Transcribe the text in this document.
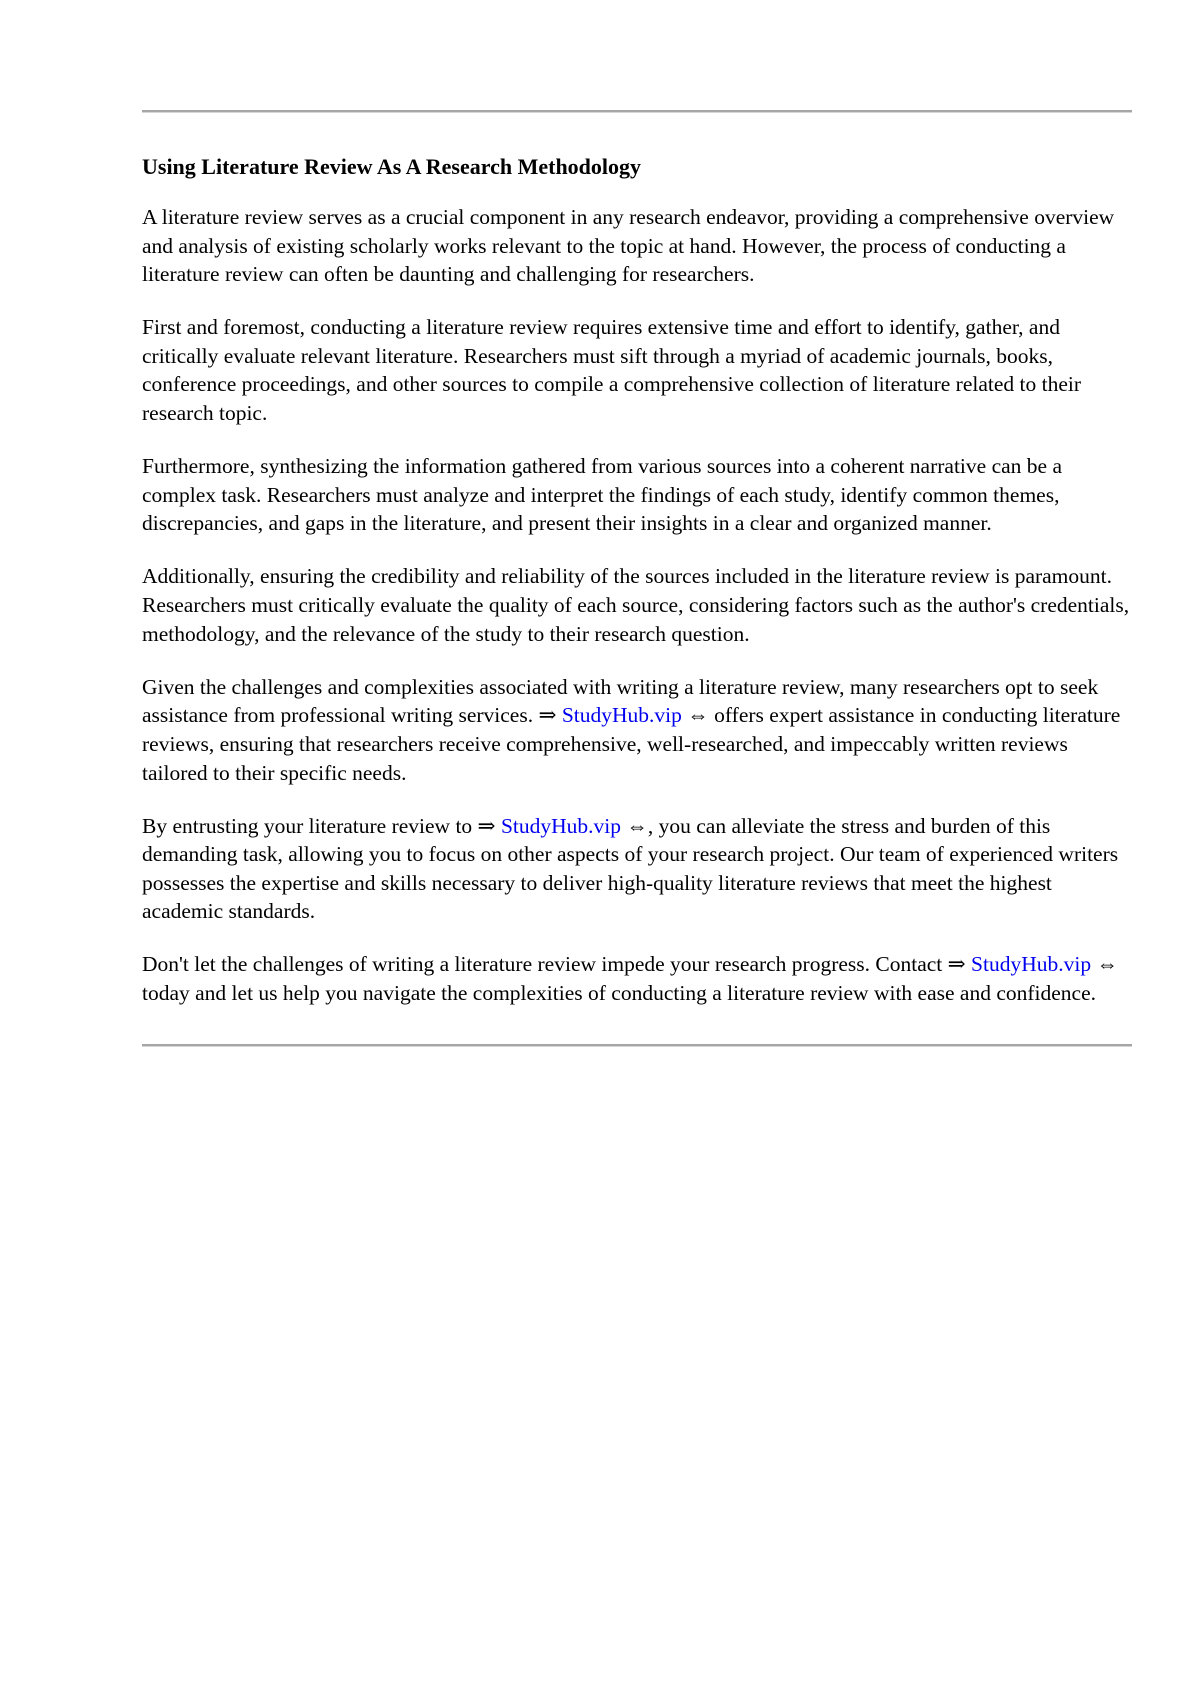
Using Literature Review As A Research Methodology

A literature review serves as a crucial component in any research endeavor, providing a comprehensive overview and analysis of existing scholarly works relevant to the topic at hand. However, the process of conducting a literature review can often be daunting and challenging for researchers.

First and foremost, conducting a literature review requires extensive time and effort to identify, gather, and critically evaluate relevant literature. Researchers must sift through a myriad of academic journals, books, conference proceedings, and other sources to compile a comprehensive collection of literature related to their research topic.

Furthermore, synthesizing the information gathered from various sources into a coherent narrative can be a complex task. Researchers must analyze and interpret the findings of each study, identify common themes, discrepancies, and gaps in the literature, and present their insights in a clear and organized manner.

Additionally, ensuring the credibility and reliability of the sources included in the literature review is paramount. Researchers must critically evaluate the quality of each source, considering factors such as the author's credentials, methodology, and the relevance of the study to their research question.

Given the challenges and complexities associated with writing a literature review, many researchers opt to seek assistance from professional writing services. ⇒ StudyHub.vip ⇔ offers expert assistance in conducting literature reviews, ensuring that researchers receive comprehensive, well-researched, and impeccably written reviews tailored to their specific needs.

By entrusting your literature review to ⇒ StudyHub.vip ⇔, you can alleviate the stress and burden of this demanding task, allowing you to focus on other aspects of your research project. Our team of experienced writers possesses the expertise and skills necessary to deliver high-quality literature reviews that meet the highest academic standards.

Don't let the challenges of writing a literature review impede your research progress. Contact ⇒ StudyHub.vip ⇔ today and let us help you navigate the complexities of conducting a literature review with ease and confidence.
